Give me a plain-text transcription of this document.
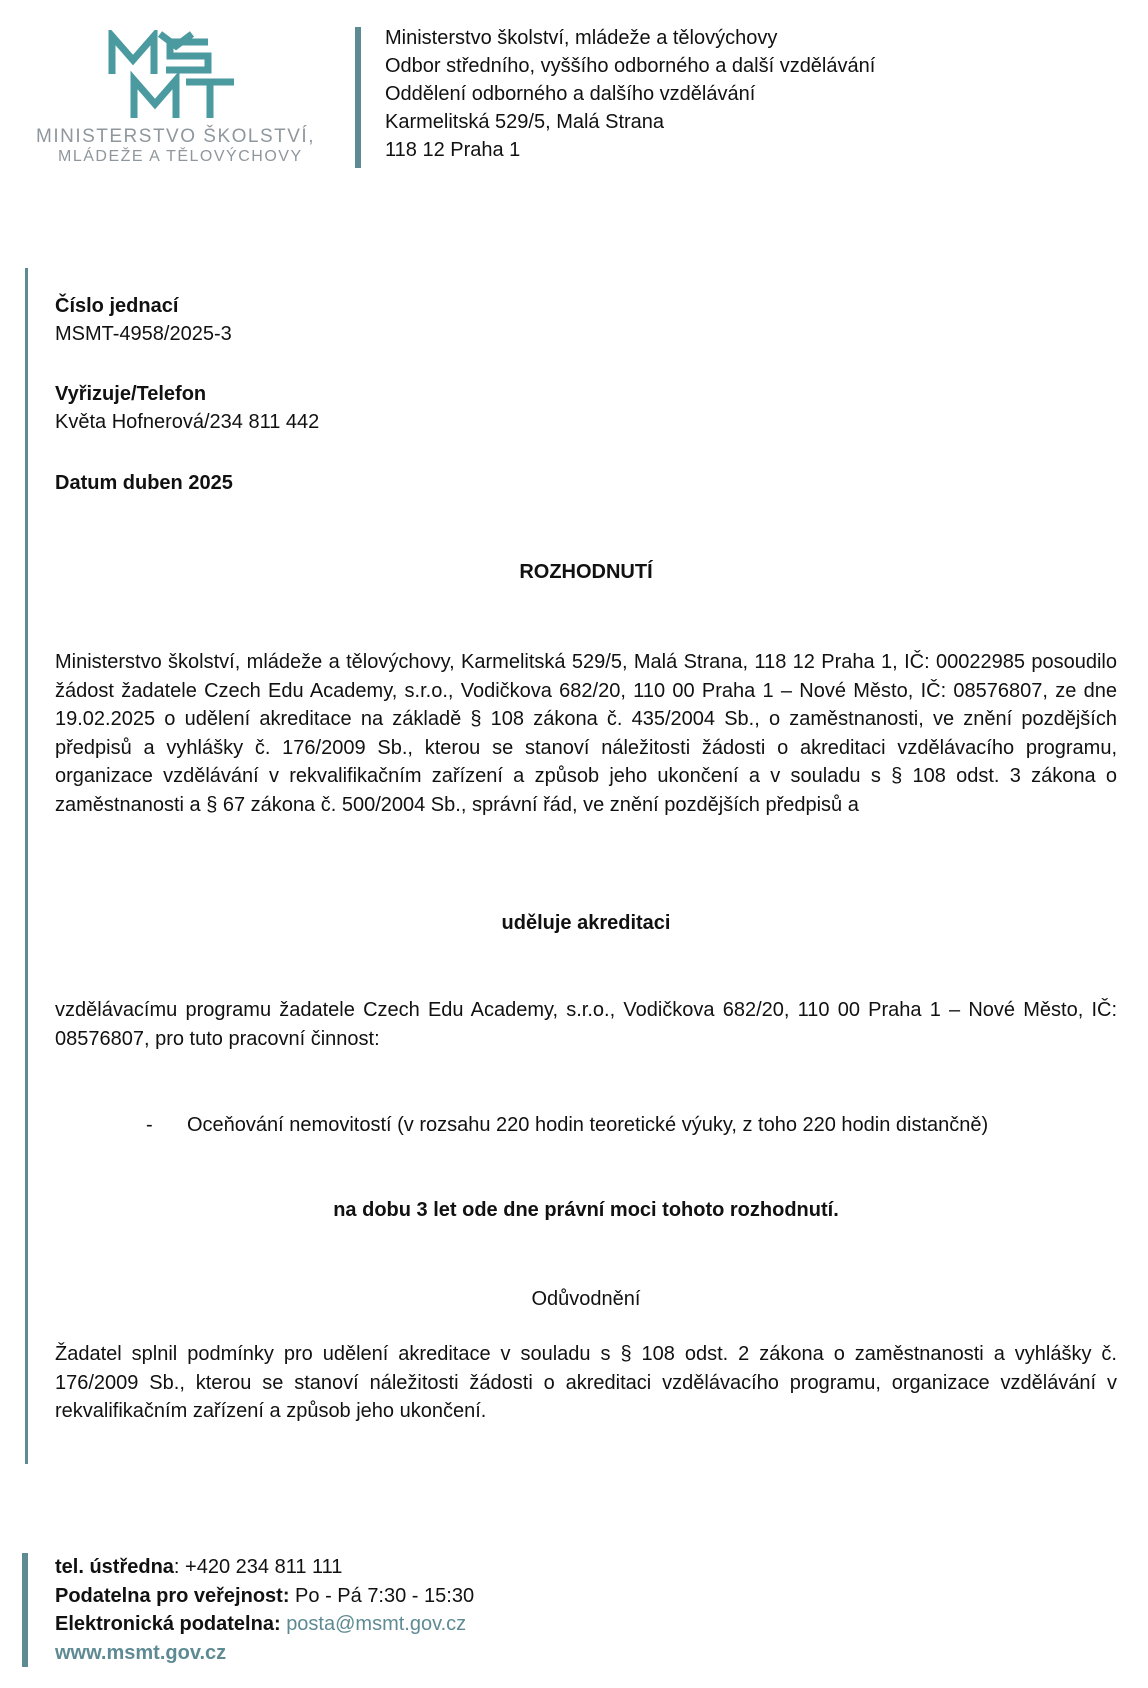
MINISTERSTVO ŠKOLSTVÍ,
MLÁDEŽE A TĚLOVÝCHOVY
Ministerstvo školství, mládeže a tělovýchovy
Odbor středního, vyššího odborného a další vzdělávání
Oddělení odborného a dalšího vzdělávání
Karmelitská 529/5, Malá Strana
118 12 Praha 1
Číslo jednací
MSMT-4958/2025-3
Vyřizuje/Telefon
Květa Hofnerová/234 811 442
Datum duben 2025
ROZHODNUTÍ

Ministerstvo školství, mládeže a tělovýchovy, Karmelitská 529/5, Malá Strana, 118 12 Praha 1, IČ: 00022985 posoudilo žádost žadatele Czech Edu Academy, s.r.o., Vodičkova 682/20, 110 00 Praha 1 – Nové Město, IČ: 08576807, ze dne 19.02.2025 o udělení akreditace na základě § 108 zákona č. 435/2004 Sb., o zaměstnanosti, ve znění pozdějších předpisů a vyhlášky č. 176/2009 Sb., kterou se stanoví náležitosti žádosti o akreditaci vzdělávacího programu, organizace vzdělávání v rekvalifikačním zařízení a způsob jeho ukončení a v souladu s § 108 odst. 3 zákona o zaměstnanosti a § 67 zákona č. 500/2004 Sb., správní řád, ve znění pozdějších předpisů a

uděluje akreditaci

vzdělávacímu programu žadatele Czech Edu Academy, s.r.o., Vodičkova 682/20, 110 00 Praha 1 – Nové Město, IČ: 08576807, pro tuto pracovní činnost:

- Oceňování nemovitostí (v rozsahu 220 hodin teoretické výuky, z toho 220 hodin distančně)
na dobu 3 let ode dne právní moci tohoto rozhodnutí.
Odůvodnění

Žadatel splnil podmínky pro udělení akreditace v souladu s § 108 odst. 2 zákona o zaměstnanosti a vyhlášky č. 176/2009 Sb., kterou se stanoví náležitosti žádosti o akreditaci vzdělávacího programu, organizace vzdělávání v rekvalifikačním zařízení a způsob jeho ukončení.

tel. ústředna: +420 234 811 111
Podatelna pro veřejnost: Po - Pá 7:30 - 15:30
Elektronická podatelna: posta@msmt.gov.cz
www.msmt.gov.cz
